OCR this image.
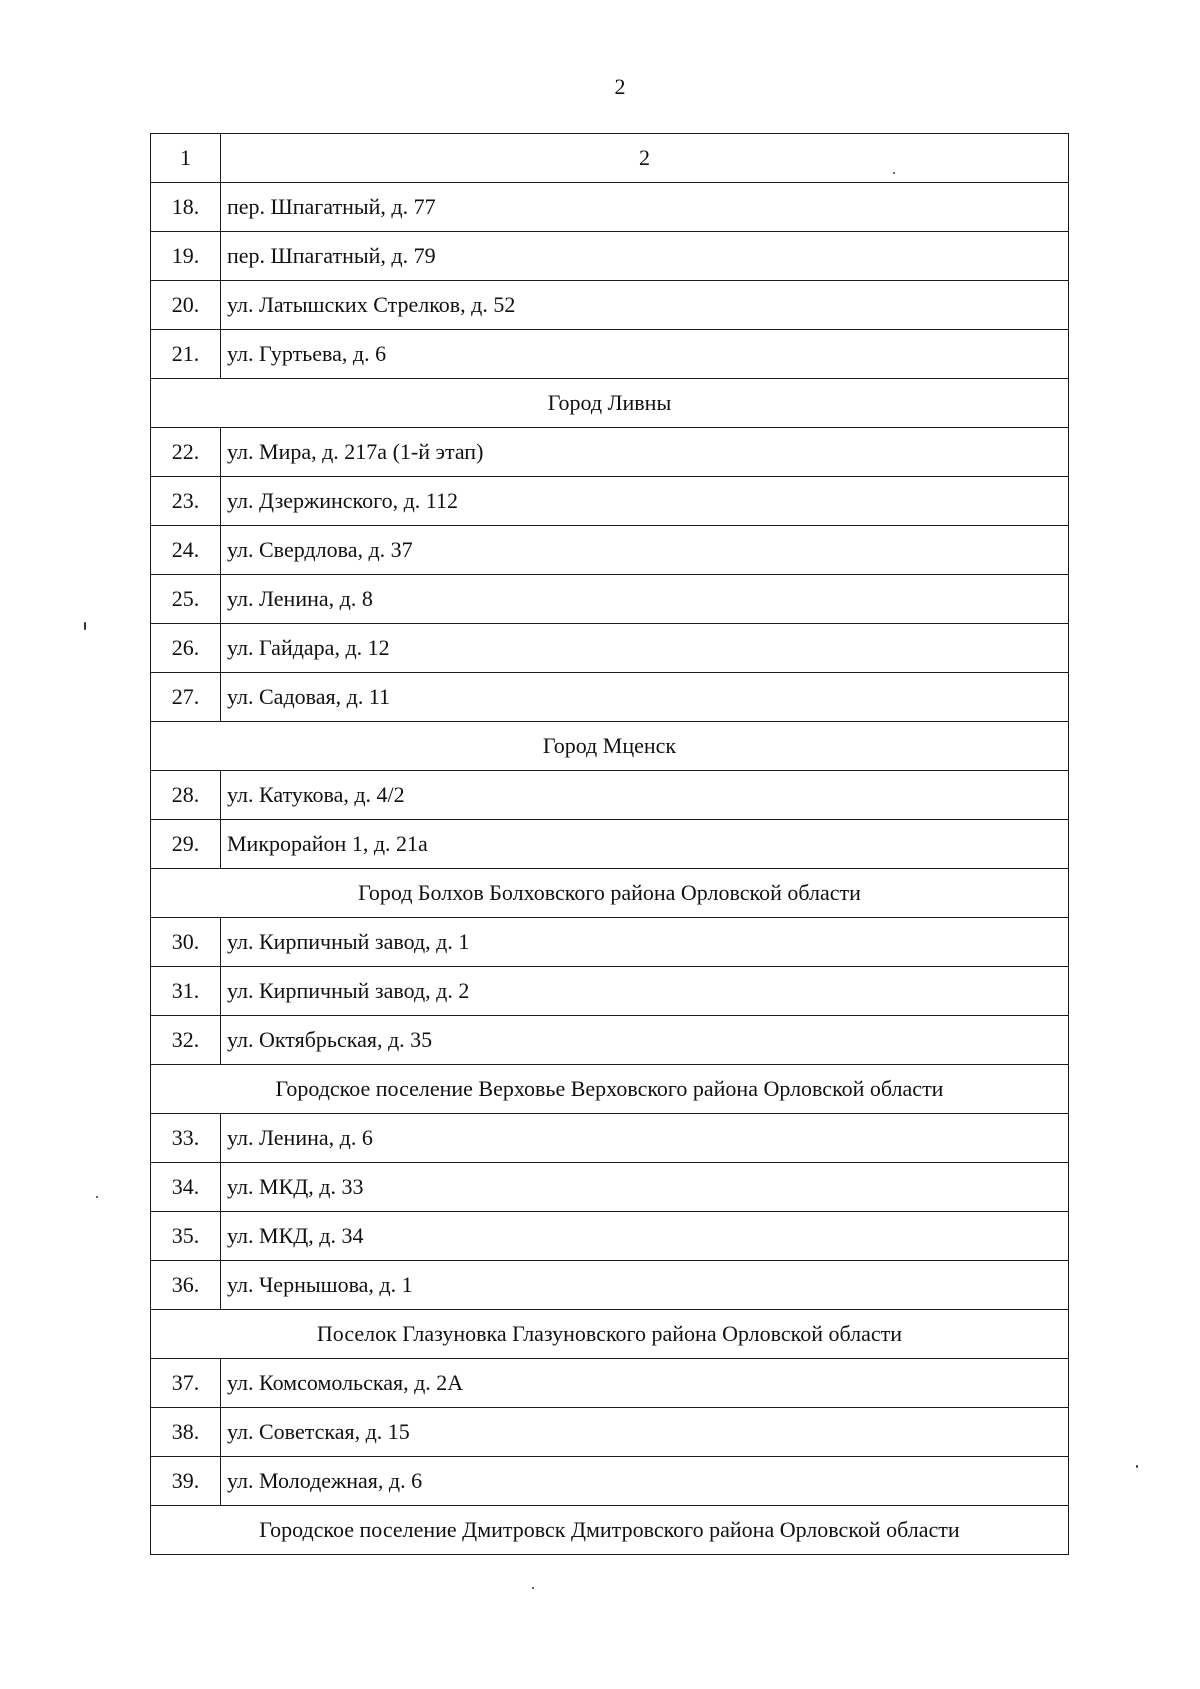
2
1	2
18.	пер. Шпагатный, д. 77
19.	пер. Шпагатный, д. 79
20.	ул. Латышских Стрелков, д. 52
21.	ул. Гуртьева, д. 6
Город Ливны	
22.	ул. Мира, д. 217а (1-й этап)
23.	ул. Дзержинского, д. 112
24.	ул. Свердлова, д. 37
25.	ул. Ленина, д. 8
26.	ул. Гайдара, д. 12
27.	ул. Садовая, д. 11
Город Мценск	
28.	ул. Катукова, д. 4/2
29.	Микрорайон 1, д. 21а
Город Болхов Болховского района Орловской области	
30.	ул. Кирпичный завод, д. 1
31.	ул. Кирпичный завод, д. 2
32.	ул. Октябрьская, д. 35
Городское поселение Верховье Верховского района Орловской области	
33.	ул. Ленина, д. 6
34.	ул. МКД, д. 33
35.	ул. МКД, д. 34
36.	ул. Чернышова, д. 1
Поселок Глазуновка Глазуновского района Орловской области	
37.	ул. Комсомольская, д. 2А
38.	ул. Советская, д. 15
39.	ул. Молодежная, д. 6
Городское поселение Дмитровск Дмитровского района Орловской области	
